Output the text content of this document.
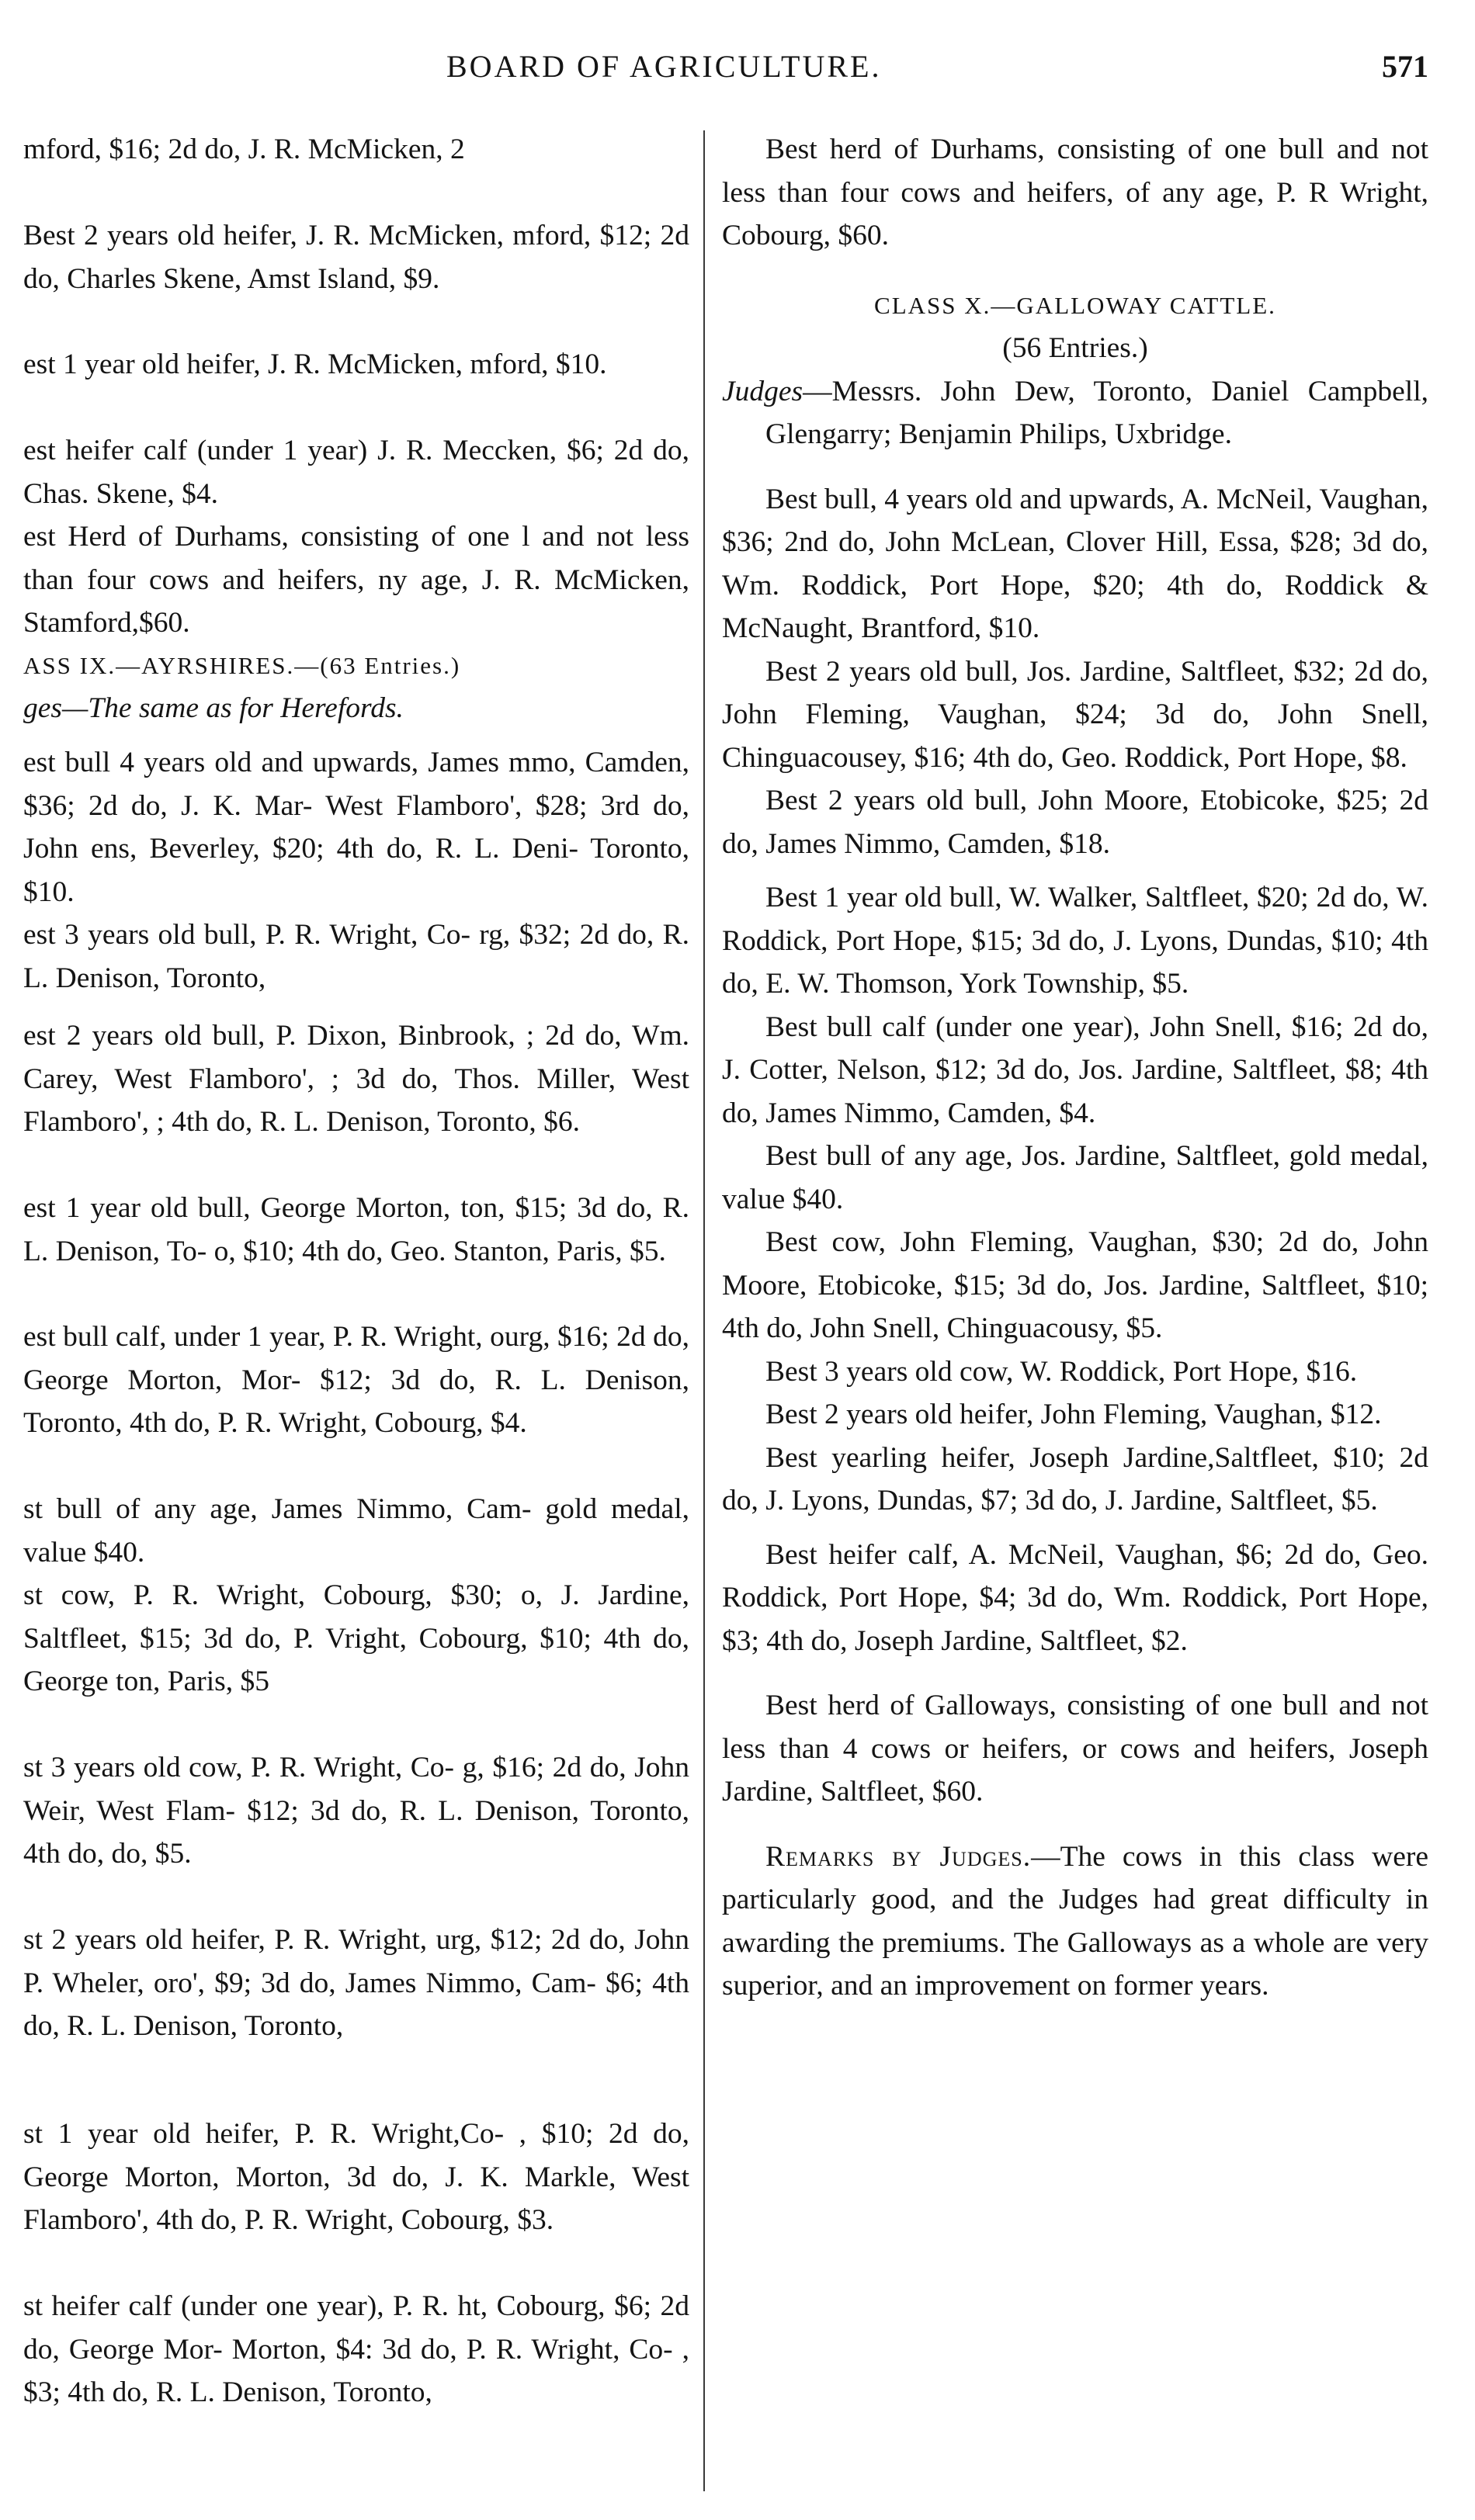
BOARD OF AGRICULTURE.	571

mford, $16; 2d do, J. R. McMicken, 2

Best 2 years old heifer, J. R. McMicken, mford, $12; 2d do, Charles Skene, Amst Island, $9.

est 1 year old heifer, J. R. McMicken, mford, $10.

est heifer calf (under 1 year) J. R. Meccken, $6; 2d do, Chas. Skene, $4.

est Herd of Durhams, consisting of one l and not less than four cows and heifers, ny age, J. R. McMicken, Stamford,$60.

ASS IX.—AYRSHIRES.—(63 Entries.)

ges—The same as for Herefords.

est bull 4 years old and upwards, James mmo, Camden, $36; 2d do, J. K. Mar- West Flamboro', $28; 3rd do, John ens, Beverley, $20; 4th do, R. L. Deni- Toronto, $10.

est 3 years old bull, P. R. Wright, Co- rg, $32; 2d do, R. L. Denison, Toronto,

est 2 years old bull, P. Dixon, Binbrook, ; 2d do, Wm. Carey, West Flamboro', ; 3d do, Thos. Miller, West Flamboro', ; 4th do, R. L. Denison, Toronto, $6.

est 1 year old bull, George Morton, ton, $15; 3d do, R. L. Denison, To- o, $10; 4th do, Geo. Stanton, Paris, $5.

est bull calf, under 1 year, P. R. Wright, ourg, $16; 2d do, George Morton, Mor- $12; 3d do, R. L. Denison, Toronto, 4th do, P. R. Wright, Cobourg, $4.

st bull of any age, James Nimmo, Cam- gold medal, value $40.

st cow, P. R. Wright, Cobourg, $30; o, J. Jardine, Saltfleet, $15; 3d do, P. Vright, Cobourg, $10; 4th do, George ton, Paris, $5

st 3 years old cow, P. R. Wright, Co- g, $16; 2d do, John Weir, West Flam- $12; 3d do, R. L. Denison, Toronto, 4th do, do, $5.

st 2 years old heifer, P. R. Wright, urg, $12; 2d do, John P. Wheler, oro', $9; 3d do, James Nimmo, Cam- $6; 4th do, R. L. Denison, Toronto,

st 1 year old heifer, P. R. Wright,Co- , $10; 2d do, George Morton, Morton, 3d do, J. K. Markle, West Flamboro', 4th do, P. R. Wright, Cobourg, $3.

st heifer calf (under one year), P. R. ht, Cobourg, $6; 2d do, George Mor- Morton, $4: 3d do, P. R. Wright, Co- , $3; 4th do, R. L. Denison, Toronto,

Best herd of Durhams, consisting of one bull and not less than four cows and heifers, of any age, P. R Wright, Cobourg, $60.

CLASS X.—GALLOWAY CATTLE.

(56 Entries.)

Judges—Messrs. John Dew, Toronto, Daniel Campbell, Glengarry; Benjamin Philips, Uxbridge.

Best bull, 4 years old and upwards, A. McNeil, Vaughan, $36; 2nd do, John McLean, Clover Hill, Essa, $28; 3d do, Wm. Roddick, Port Hope, $20; 4th do, Roddick & McNaught, Brantford, $10.

Best 2 years old bull, Jos. Jardine, Saltfleet, $32; 2d do, John Fleming, Vaughan, $24; 3d do, John Snell, Chinguacousey, $16; 4th do, Geo. Roddick, Port Hope, $8.

Best 2 years old bull, John Moore, Etobicoke, $25; 2d do, James Nimmo, Camden, $18.

Best 1 year old bull, W. Walker, Saltfleet, $20; 2d do, W. Roddick, Port Hope, $15; 3d do, J. Lyons, Dundas, $10; 4th do, E. W. Thomson, York Township, $5.

Best bull calf (under one year), John Snell, $16; 2d do, J. Cotter, Nelson, $12; 3d do, Jos. Jardine, Saltfleet, $8; 4th do, James Nimmo, Camden, $4.

Best bull of any age, Jos. Jardine, Saltfleet, gold medal, value $40.

Best cow, John Fleming, Vaughan, $30; 2d do, John Moore, Etobicoke, $15; 3d do, Jos. Jardine, Saltfleet, $10; 4th do, John Snell, Chinguacousy, $5.

Best 3 years old cow, W. Roddick, Port Hope, $16.

Best 2 years old heifer, John Fleming, Vaughan, $12.

Best yearling heifer, Joseph Jardine,Saltfleet, $10; 2d do, J. Lyons, Dundas, $7; 3d do, J. Jardine, Saltfleet, $5.

Best heifer calf, A. McNeil, Vaughan, $6; 2d do, Geo. Roddick, Port Hope, $4; 3d do, Wm. Roddick, Port Hope, $3; 4th do, Joseph Jardine, Saltfleet, $2.

Best herd of Galloways, consisting of one bull and not less than 4 cows or heifers, or cows and heifers, Joseph Jardine, Saltfleet, $60.

Remarks by Judges.—The cows in this class were particularly good, and the Judges had great difficulty in awarding the premiums. The Galloways as a whole are very superior, and an improvement on former years.
